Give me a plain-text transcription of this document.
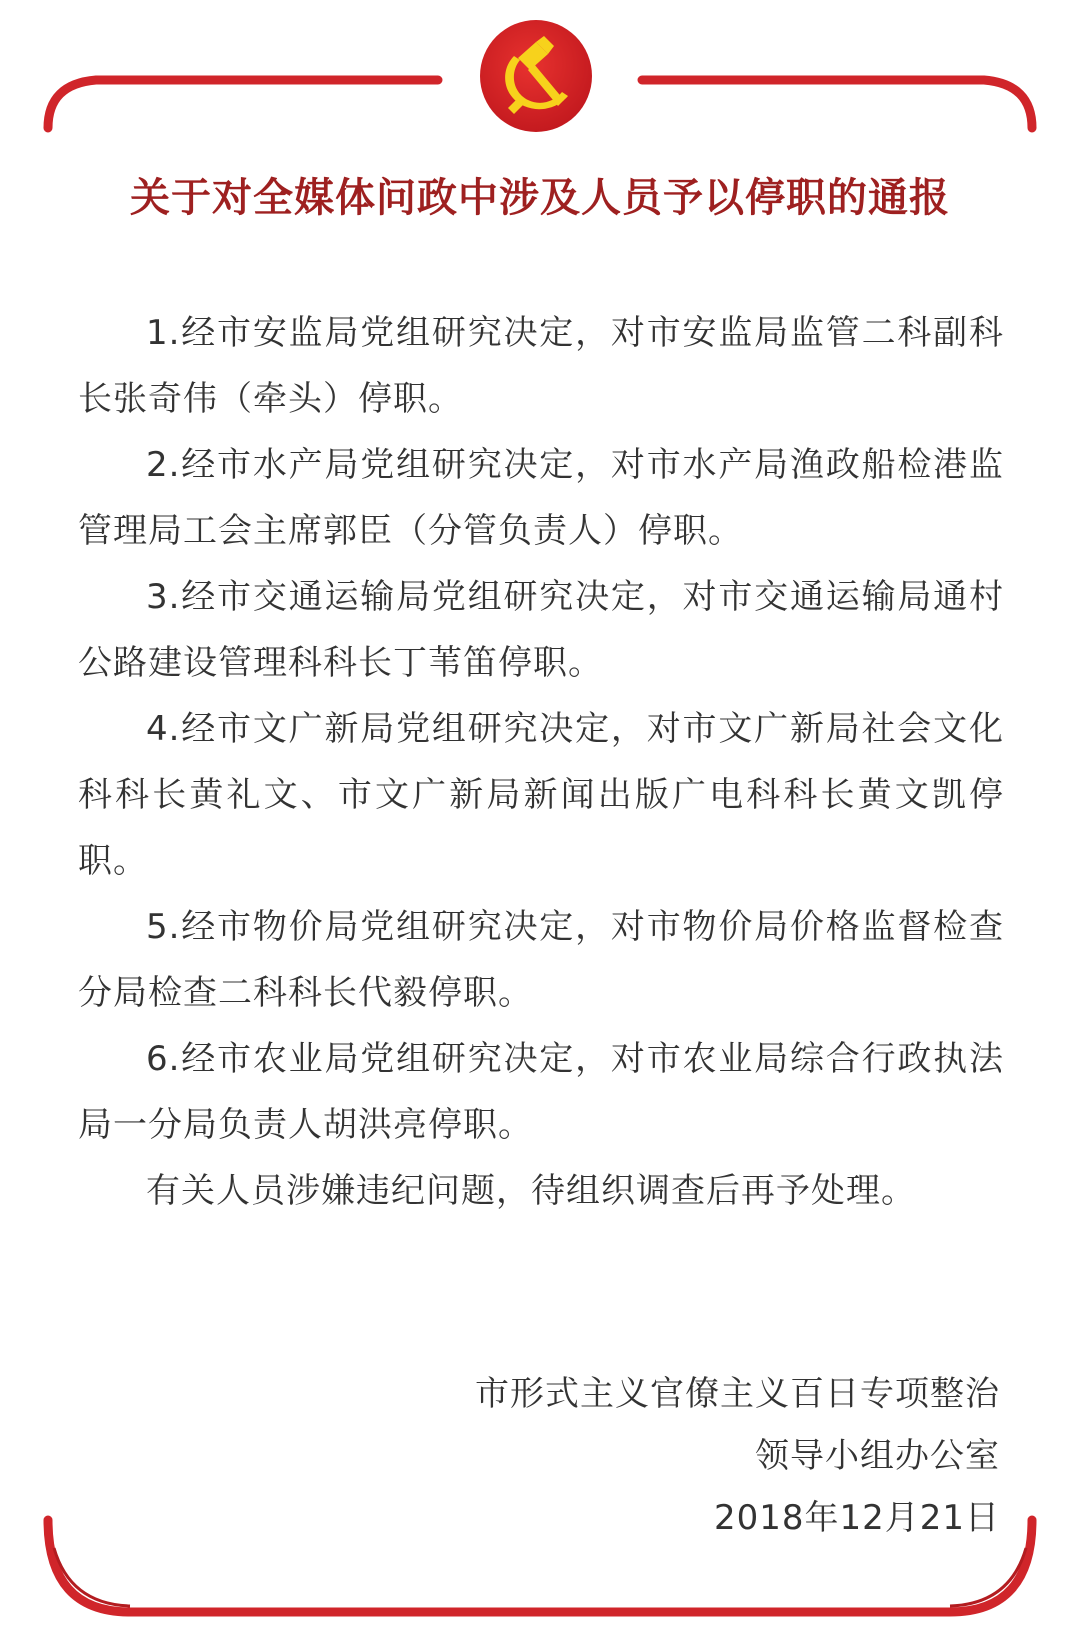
关于对全媒体问政中涉及人员予以停职的通报

1.经市安监局党组研究决定，对市安监局监管二科副科长张奇伟（牵头）停职。

2.经市水产局党组研究决定，对市水产局渔政船检港监管理局工会主席郭臣（分管负责人）停职。

3.经市交通运输局党组研究决定，对市交通运输局通村公路建设管理科科长丁苇笛停职。

4.经市文广新局党组研究决定，对市文广新局社会文化科科长黄礼文、市文广新局新闻出版广电科科长黄文凯停职。

5.经市物价局党组研究决定，对市物价局价格监督检查分局检查二科科长代毅停职。

6.经市农业局党组研究决定，对市农业局综合行政执法局一分局负责人胡洪亮停职。

有关人员涉嫌违纪问题，待组织调查后再予处理。

市形式主义官僚主义百日专项整治
领导小组办公室
2018年12月21日
